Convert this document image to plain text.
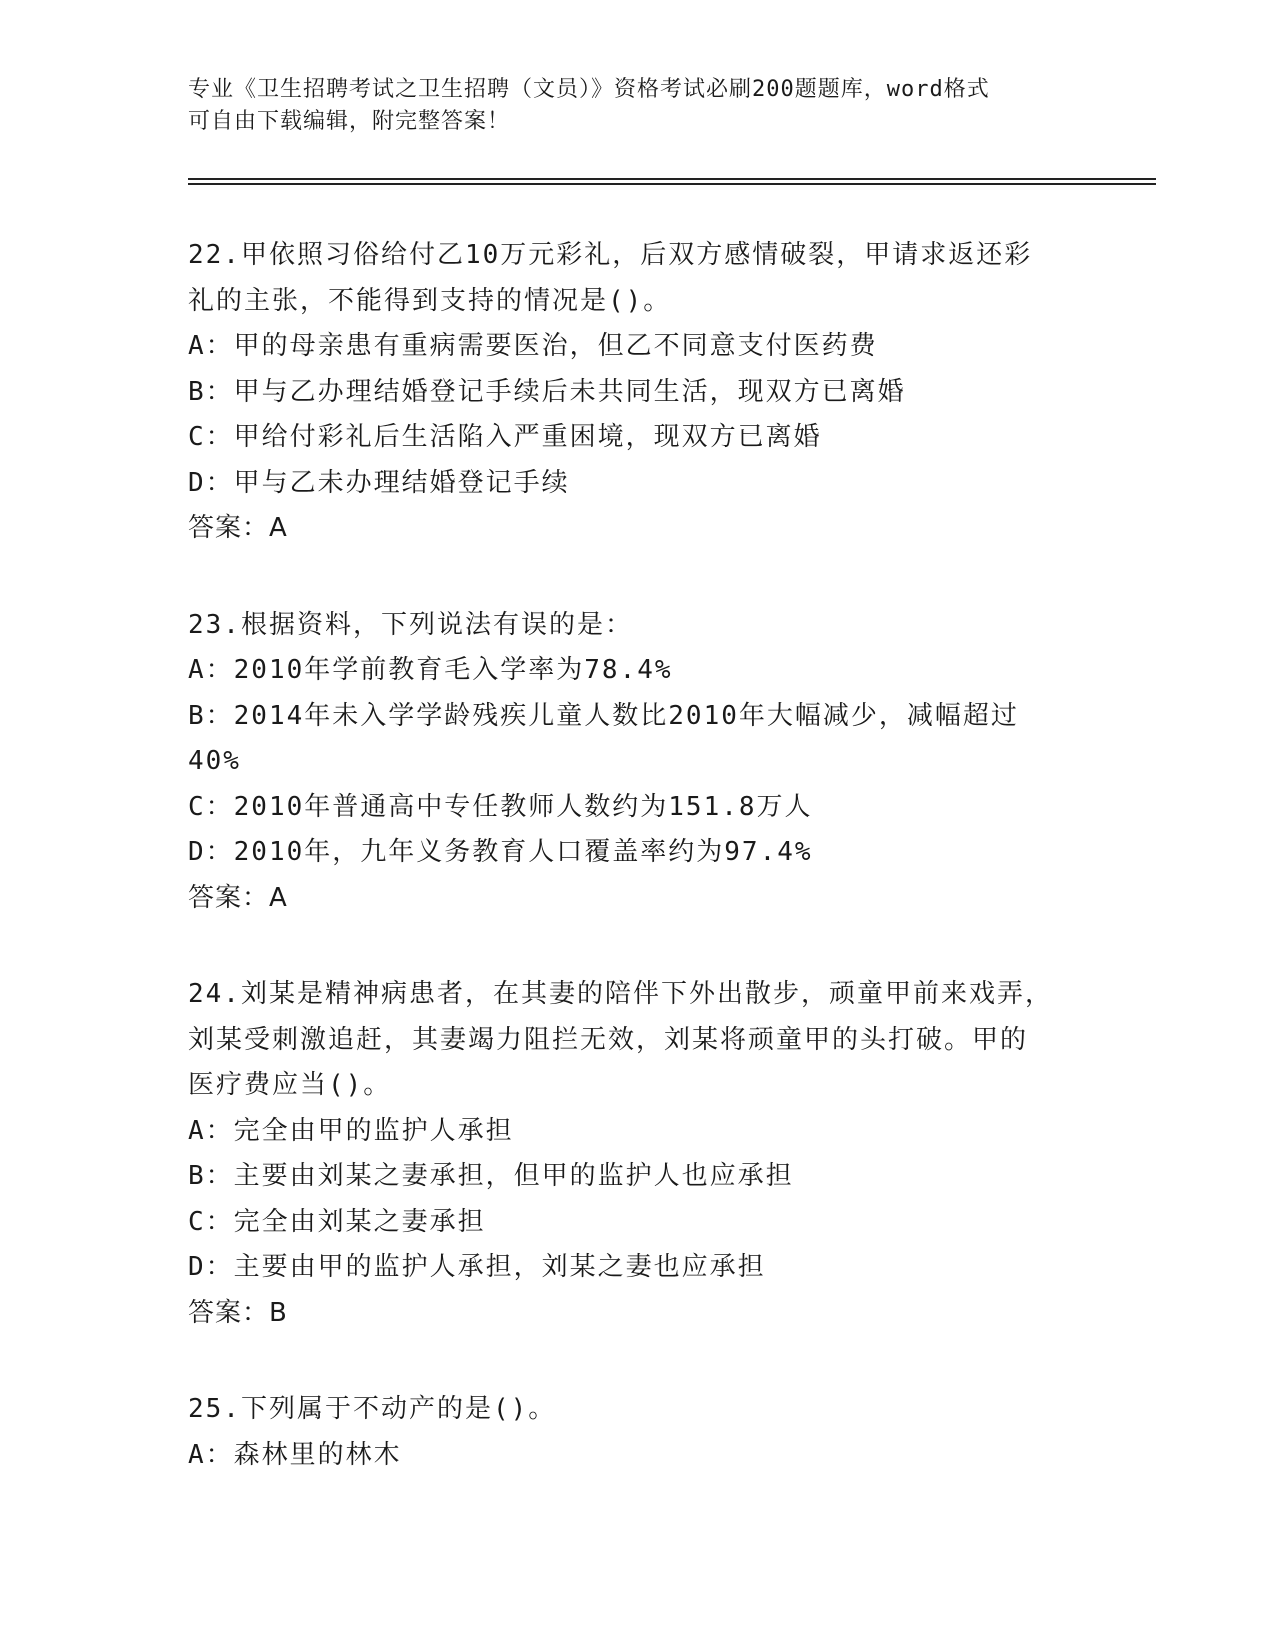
专业《卫生招聘考试之卫生招聘（文员）》资格考试必刷200题题库，word格式

可自由下载编辑，附完整答案！

22.甲依照习俗给付乙10万元彩礼，后双方感情破裂，甲请求返还彩

礼的主张，不能得到支持的情况是()。

A：甲的母亲患有重病需要医治，但乙不同意支付医药费

B：甲与乙办理结婚登记手续后未共同生活，现双方已离婚

C：甲给付彩礼后生活陷入严重困境，现双方已离婚

D：甲与乙未办理结婚登记手续

答案：A

23.根据资料，下列说法有误的是：

A：2010年学前教育毛入学率为78.4%

B：2014年未入学学龄残疾儿童人数比2010年大幅减少，减幅超过

40%

C：2010年普通高中专任教师人数约为151.8万人

D：2010年，九年义务教育人口覆盖率约为97.4%

答案：A

24.刘某是精神病患者，在其妻的陪伴下外出散步，顽童甲前来戏弄，

刘某受刺激追赶，其妻竭力阻拦无效，刘某将顽童甲的头打破。甲的

医疗费应当()。

A：完全由甲的监护人承担

B：主要由刘某之妻承担，但甲的监护人也应承担

C：完全由刘某之妻承担

D：主要由甲的监护人承担，刘某之妻也应承担

答案：B

25.下列属于不动产的是()。

A：森林里的林木
